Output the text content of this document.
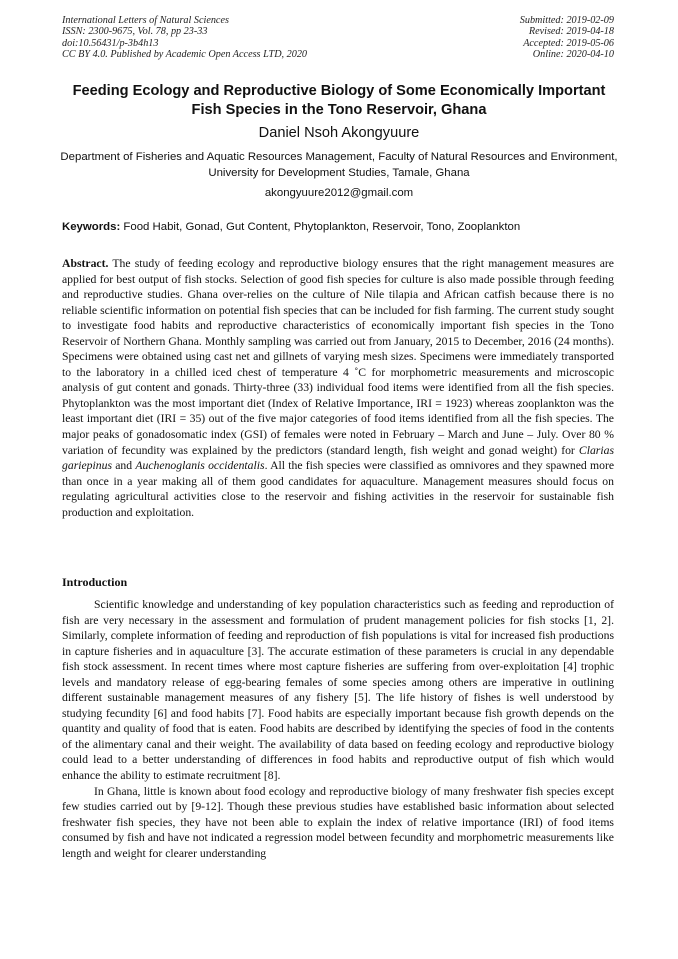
International Letters of Natural Sciences
ISSN: 2300-9675, Vol. 78, pp 23-33
doi:10.56431/p-3b4h13
CC BY 4.0. Published by Academic Open Access LTD, 2020
Submitted: 2019-02-09
Revised: 2019-04-18
Accepted: 2019-05-06
Online: 2020-04-10
Feeding Ecology and Reproductive Biology of Some Economically Important Fish Species in the Tono Reservoir, Ghana
Daniel Nsoh Akongyuure
Department of Fisheries and Aquatic Resources Management, Faculty of Natural Resources and Environment, University for Development Studies, Tamale, Ghana
akongyuure2012@gmail.com
Keywords: Food Habit, Gonad, Gut Content, Phytoplankton, Reservoir, Tono, Zooplankton

Abstract. The study of feeding ecology and reproductive biology ensures that the right management measures are applied for best output of fish stocks. Selection of good fish species for culture is also made possible through feeding and reproductive studies. Ghana over-relies on the culture of Nile tilapia and African catfish because there is no reliable scientific information on potential fish species that can be included for fish farming. The current study sought to investigate food habits and reproductive characteristics of economically important fish species in the Tono Reservoir of Northern Ghana. Monthly sampling was carried out from January, 2015 to December, 2016 (24 months). Specimens were obtained using cast net and gillnets of varying mesh sizes. Specimens were immediately transported to the laboratory in a chilled iced chest of temperature 4 ˚C for morphometric measurements and microscopic analysis of gut content and gonads. Thirty-three (33) individual food items were identified from all the fish species. Phytoplankton was the most important diet (Index of Relative Importance, IRI = 1923) whereas zooplankton was the least important diet (IRI = 35) out of the five major categories of food items identified from all the fish species. The major peaks of gonadosomatic index (GSI) of females were noted in February – March and June – July. Over 80 % variation of fecundity was explained by the predictors (standard length, fish weight and gonad weight) for Clarias gariepinus and Auchenoglanis occidentalis. All the fish species were classified as omnivores and they spawned more than once in a year making all of them good candidates for aquaculture. Management measures should focus on regulating agricultural activities close to the reservoir and fishing activities in the reservoir for sustainable fish production and exploitation.

Introduction

Scientific knowledge and understanding of key population characteristics such as feeding and reproduction of fish are very necessary in the assessment and formulation of prudent management policies for fish stocks [1, 2]. Similarly, complete information of feeding and reproduction of fish populations is vital for increased fish productions in capture fisheries and in aquaculture [3]. The accurate estimation of these parameters is crucial in any dependable fish stock assessment. In recent times where most capture fisheries are suffering from over-exploitation [4] trophic levels and mandatory release of egg-bearing females of some species among others are imperative in outlining different sustainable management measures of any fishery [5]. The life history of fishes is well understood by studying fecundity [6] and food habits [7]. Food habits are especially important because fish growth depends on the quantity and quality of food that is eaten. Food habits are described by identifying the species of food in the contents of the alimentary canal and their weight. The availability of data based on feeding ecology and reproductive biology could lead to a better understanding of differences in food habits and reproductive output of fish which would enhance the ability to estimate recruitment [8].

In Ghana, little is known about food ecology and reproductive biology of many freshwater fish species except few studies carried out by [9-12]. Though these previous studies have established basic information about selected freshwater fish species, they have not been able to explain the index of relative importance (IRI) of food items consumed by fish and have not indicated a regression model between fecundity and morphometric measurements like length and weight for clearer understanding
